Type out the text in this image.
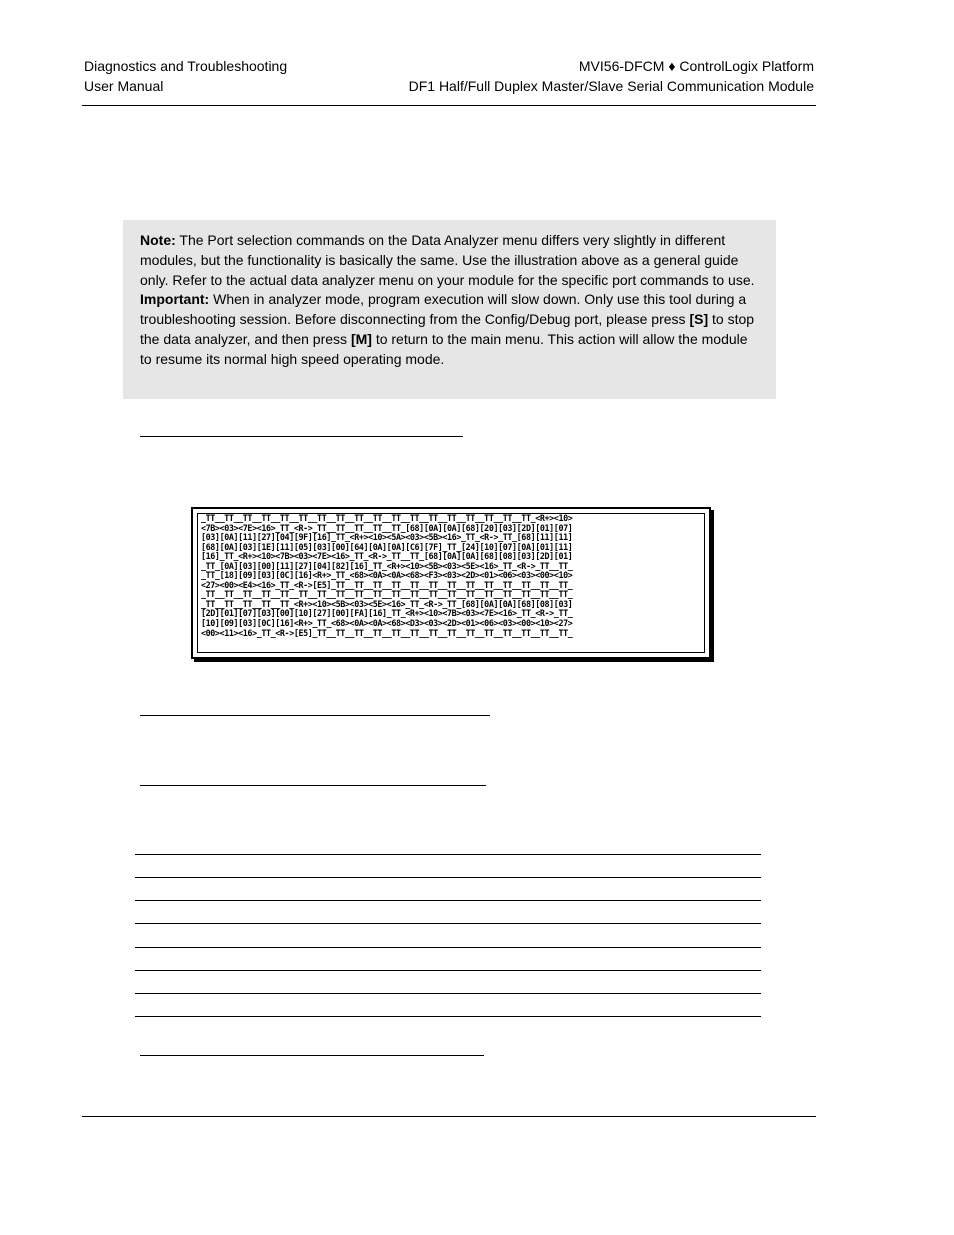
Diagnostics and Troubleshooting
User Manual
MVI56-DFCM ♦ ControlLogix Platform
DF1 Half/Full Duplex Master/Slave Serial Communication Module
Note: The Port selection commands on the Data Analyzer menu differs very slightly in different modules, but the functionality is basically the same. Use the illustration above as a general guide only. Refer to the actual data analyzer menu on your module for the specific port commands to use.
Important: When in analyzer mode, program execution will slow down. Only use this tool during a troubleshooting session. Before disconnecting from the Config/Debug port, please press [S] to stop the data analyzer, and then press [M] to return to the main menu. This action will allow the module to resume its normal high speed operating mode.
_TT__TT__TT__TT__TT__TT__TT__TT__TT__TT__TT__TT__TT__TT__TT__TT__TT__TT_<R+><10>
<7B><03><7E><16>_TT_<R->_TT__TT__TT__TT__TT_[68][0A][0A][68][20][03][2D][01][07]
[03][0A][11][27][04][9F][16]_TT_<R+><10><5A><03><5B><16>_TT_<R->_TT_[68][11][11]
[68][0A][03][1E][11][05][03][00][64][0A][0A][C6][7F]_TT_[24][10][07][0A][01][11]
[16]_TT_<R+><10><7B><03><7E><16>_TT_<R->_TT__TT_[68][0A][0A][68][08][03][2D][01]
_TT_[0A][03][00][11][27][04][82][16]_TT_<R+><10><5B><03><5E><16>_TT_<R->_TT__TT_
_TT_[18][09][03][0C][16]<R+>_TT_<68><0A><0A><68><F3><03><2D><01><06><03><00><10>
<27><00><E4><16>_TT_<R->[E5]_TT__TT__TT__TT__TT__TT__TT__TT__TT__TT__TT__TT__TT_
_TT__TT__TT__TT__TT__TT__TT__TT__TT__TT__TT__TT__TT__TT__TT__TT__TT__TT__TT__TT_
_TT__TT__TT__TT__TT_<R+><10><5B><03><5E><16>_TT_<R->_TT_[68][0A][0A][68][08][03]
[2D][01][07][03][00][10][27][00][FA][16]_TT_<R+><10><7B><03><7E><16>_TT_<R->_TT_
[10][09][03][0C][16]<R+>_TT_<68><0A><0A><68><D3><03><2D><01><06><03><00><10><27>
<00><11><16>_TT_<R->[E5]_TT__TT__TT__TT__TT__TT__TT__TT__TT__TT__TT__TT__TT__TT_
